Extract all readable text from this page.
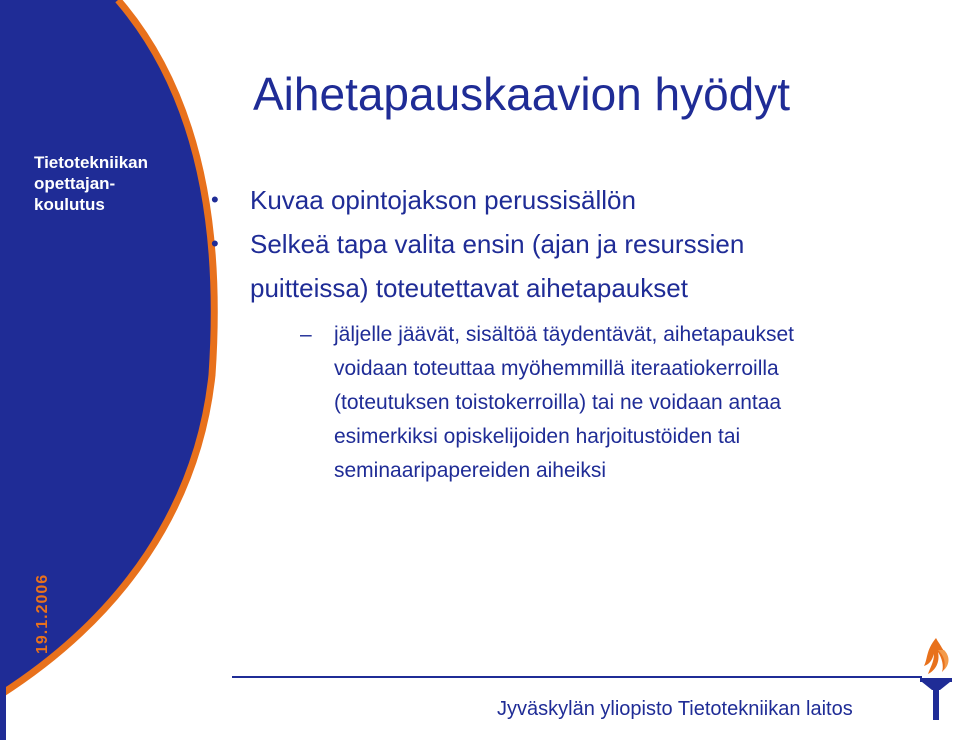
Tietotekniikan
opettajan-
koulutus
19.1.2006
Aihetapauskaavion hyödyt
• Kuvaa opintojakson perussisällön
• Selkeä tapa valita ensin (ajan ja resurssien
puitteissa) toteutettavat aihetapaukset
– jäljelle jäävät, sisältöä täydentävät, aihetapaukset
voidaan toteuttaa myöhemmillä iteraatiokerroilla
(toteutuksen toistokerroilla) tai ne voidaan antaa
esimerkiksi opiskelijoiden harjoitustöiden tai
seminaaripapereiden aiheiksi
Jyväskylän yliopisto Tietotekniikan laitos
